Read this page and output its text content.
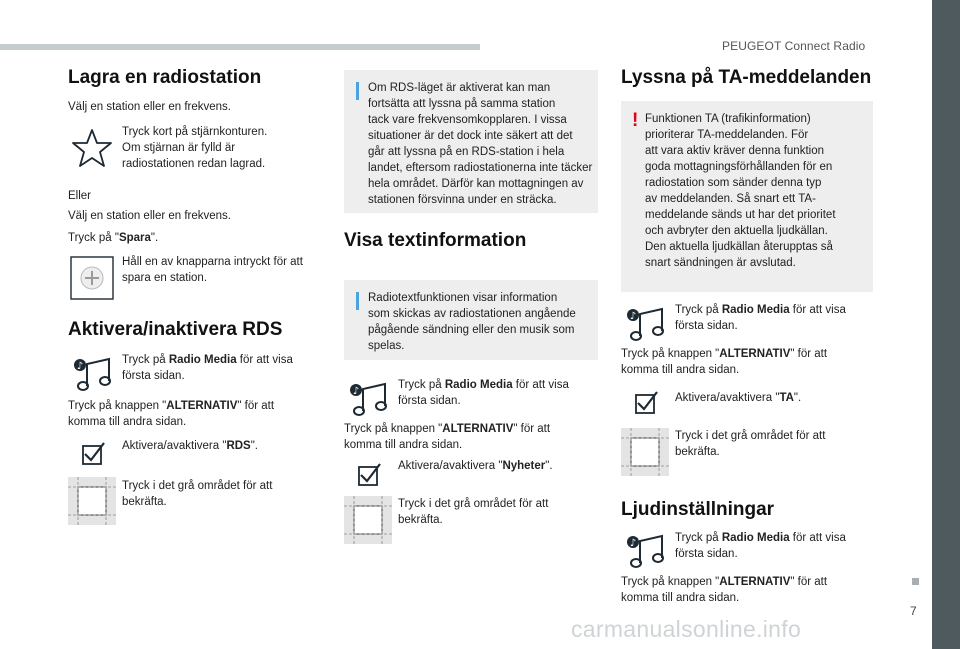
PEUGEOT Connect Radio
7
carmanualsonline.info
Lagra en radiostation
Välj en station eller en frekvens.
Tryck kort på stjärnkonturen.
Om stjärnan är fylld är
radiostationen redan lagrad.
Eller
Välj en station eller en frekvens.
Tryck på "Spara".
Håll en av knapparna intryckt för att
spara en station.
Aktivera/inaktivera RDS
♪
Tryck på Radio Media för att visa
första sidan.
Tryck på knappen "ALTERNATIV" för att
komma till andra sidan.
Aktivera/avaktivera "RDS".
Tryck i det grå området för att
bekräfta.
Om RDS-läget är aktiverat kan man
fortsätta att lyssna på samma station
tack vare frekvensomkopplaren. I vissa
situationer är det dock inte säkert att det
går att lyssna på en RDS-station i hela
landet, eftersom radiostationerna inte täcker
hela området. Därför kan mottagningen av
stationen försvinna under en sträcka.
Visa textinformation
Radiotextfunktionen visar information
som skickas av radiostationen angående
pågående sändning eller den musik som
spelas.
♪
Tryck på Radio Media för att visa
första sidan.
Tryck på knappen "ALTERNATIV" för att
komma till andra sidan.
Aktivera/avaktivera "Nyheter".
Tryck i det grå området för att
bekräfta.
Lyssna på TA-meddelanden
! Funktionen TA (trafikinformation)
prioriterar TA-meddelanden. För
att vara aktiv kräver denna funktion
goda mottagningsförhållanden för en
radiostation som sänder denna typ
av meddelanden. Så snart ett TA-
meddelande sänds ut har det prioritet
och avbryter den aktuella ljudkällan.
Den aktuella ljudkällan återupptas så
snart sändningen är avslutad.
♪
Tryck på Radio Media för att visa
första sidan.
Tryck på knappen "ALTERNATIV" för att
komma till andra sidan.
Aktivera/avaktivera "TA".
Tryck i det grå området för att
bekräfta.
Ljudinställningar
♪	Tryck på Radio Media för att visa
första sidan.
Tryck på knappen "ALTERNATIV" för att
komma till andra sidan.
